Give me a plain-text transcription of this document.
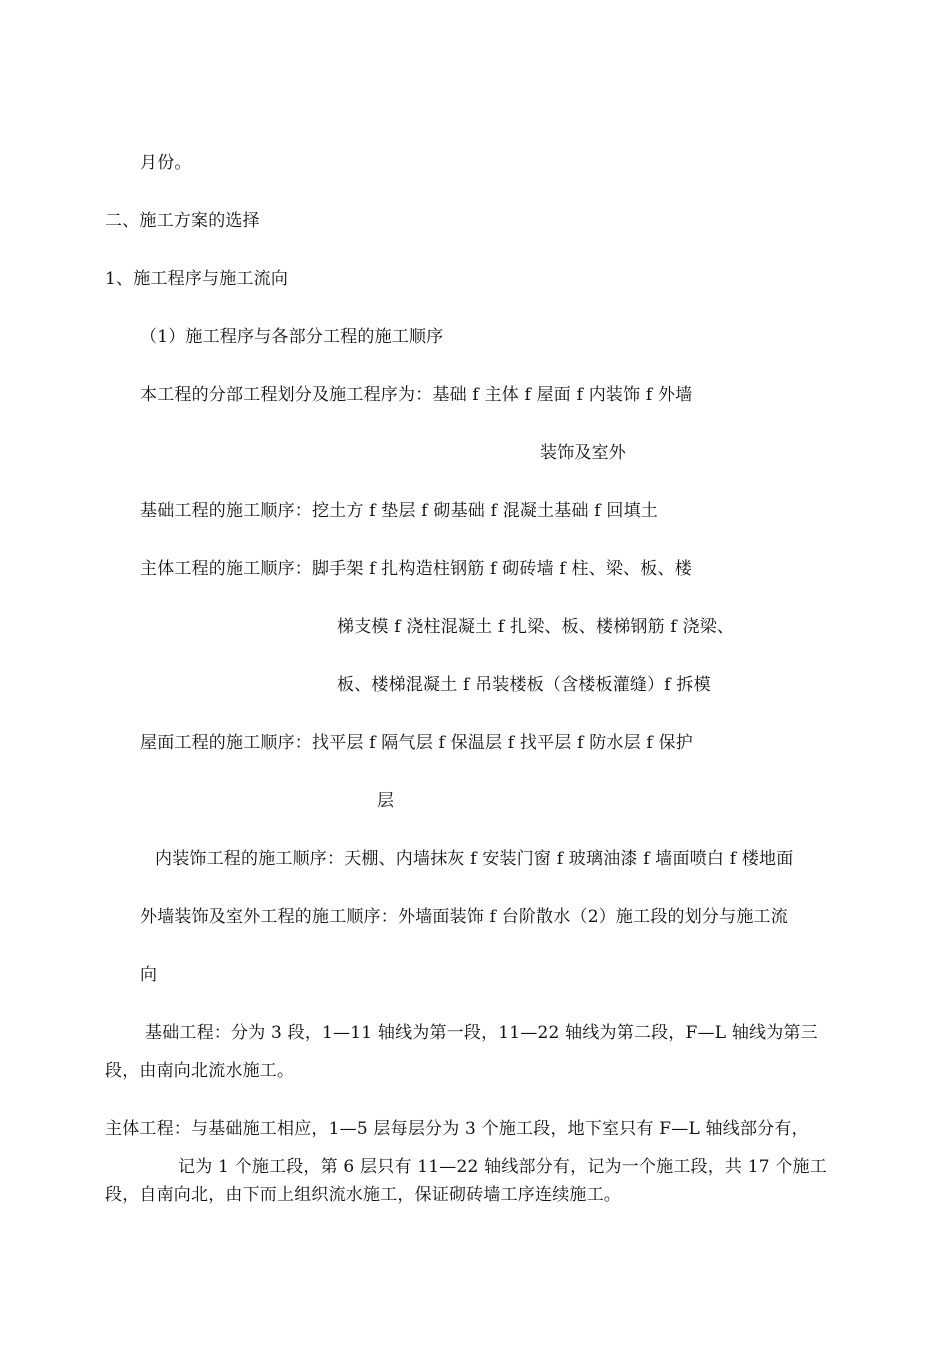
月份。

二、施工方案的选择

1、施工程序与施工流向

（1）施工程序与各部分工程的施工顺序

本工程的分部工程划分及施工程序为：基础 f 主体 f 屋面 f 内装饰 f 外墙

装饰及室外

基础工程的施工顺序：挖土方 f 垫层 f 砌基础 f 混凝土基础 f 回填土

主体工程的施工顺序：脚手架 f 扎构造柱钢筋 f 砌砖墙 f 柱、梁、板、楼

梯支模 f 浇柱混凝土 f 扎梁、板、楼梯钢筋 f 浇梁、

板、楼梯混凝土 f 吊装楼板（含楼板灌缝）f 拆模

屋面工程的施工顺序：找平层 f 隔气层 f 保温层 f 找平层 f 防水层 f 保护

层

内装饰工程的施工顺序：天棚、内墙抹灰 f 安装门窗 f 玻璃油漆 f 墙面喷白 f 楼地面

外墙装饰及室外工程的施工顺序：外墙面装饰 f 台阶散水（2）施工段的划分与施工流

向

基础工程：分为 3 段，1—11 轴线为第一段，11—22 轴线为第二段，F—L 轴线为第三

段，由南向北流水施工。

主体工程：与基础施工相应，1—5 层每层分为 3 个施工段，地下室只有 F—L 轴线部分有，

记为 1 个施工段，第 6 层只有 11—22 轴线部分有，记为一个施工段，共 17 个施工

段，自南向北，由下而上组织流水施工，保证砌砖墙工序连续施工。
